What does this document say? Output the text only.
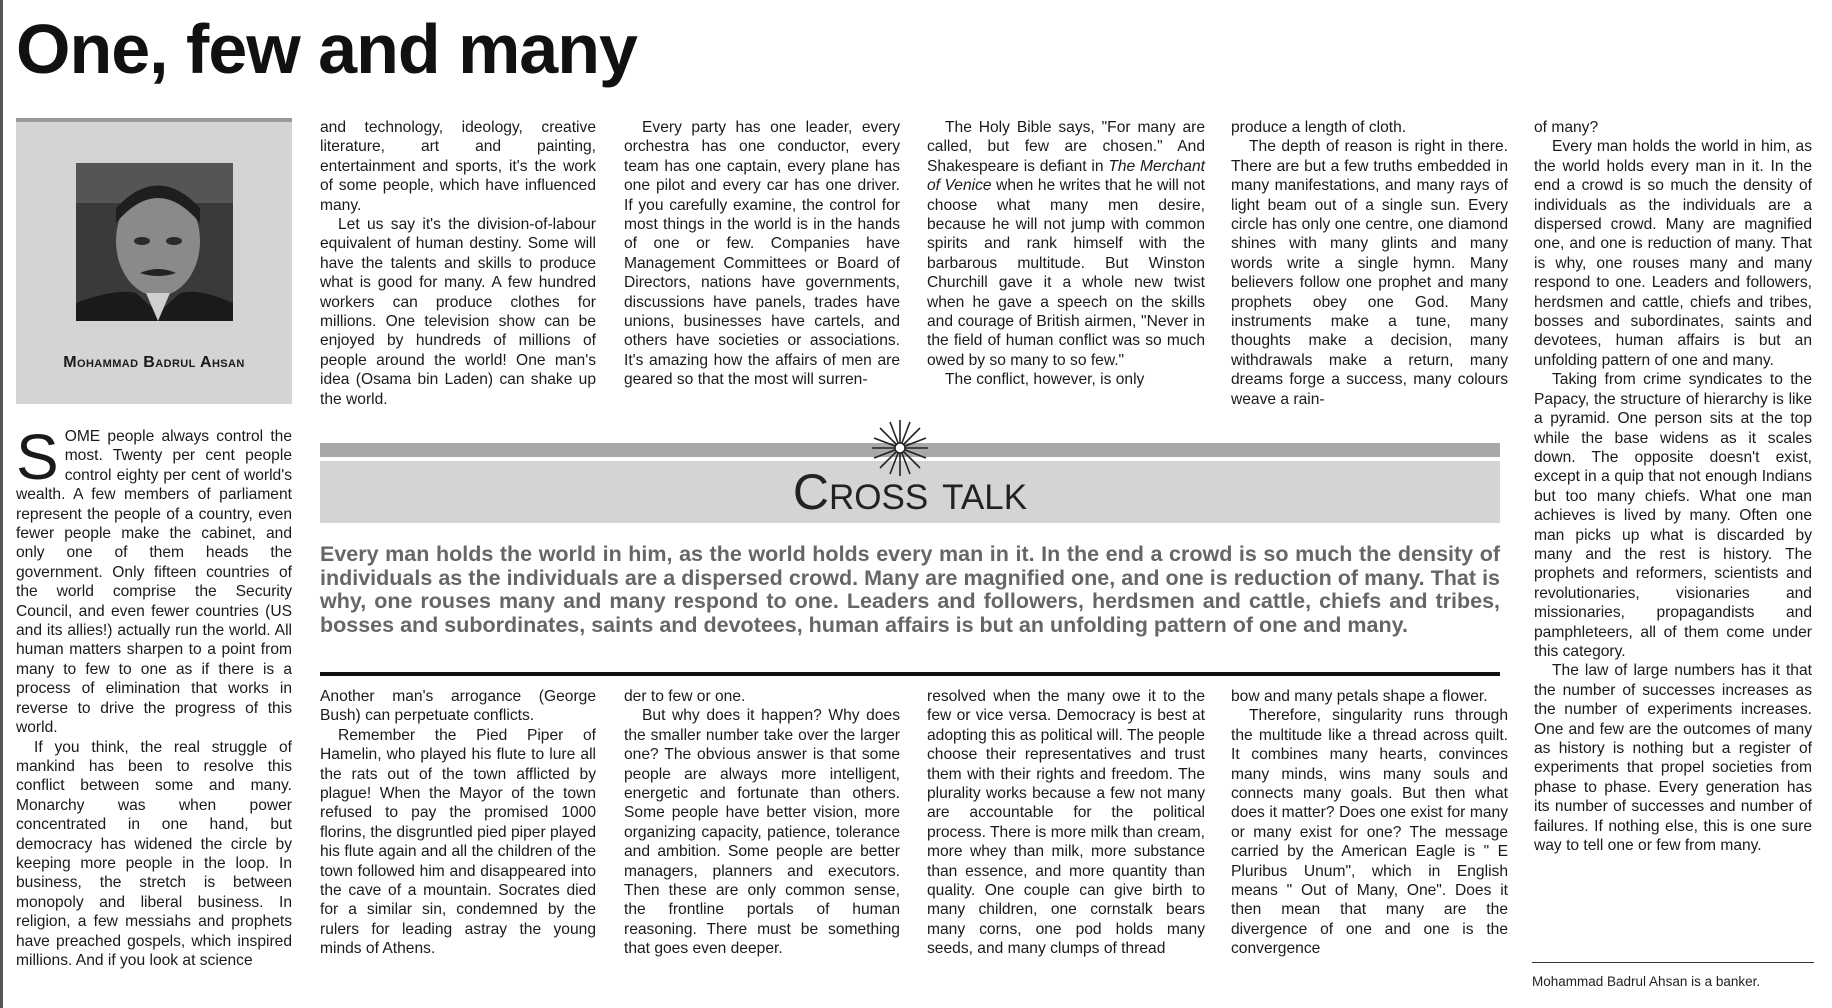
One, few and many
Mohammad Badrul Ahsan

SOME people always control the most. Twenty per cent people control eighty per cent of world's wealth. A few members of parliament represent the people of a country, even fewer people make the cabinet, and only one of them heads the government. Only fifteen countries of the world comprise the Security Council, and even fewer countries (US and its allies!) actually run the world. All human matters sharpen to a point from many to few to one as if there is a process of elimination that works in reverse to drive the progress of this world.

If you think, the real struggle of mankind has been to resolve this conflict between some and many. Monarchy was when power concentrated in one hand, but democracy has widened the circle by keeping more people in the loop. In business, the stretch is between monopoly and liberal business. In religion, a few messiahs and prophets have preached gospels, which inspired millions. And if you look at science

and technology, ideology, creative literature, art and painting, entertainment and sports, it's the work of some people, which have influenced many.

Let us say it's the division-of-labour equivalent of human destiny. Some will have the talents and skills to produce what is good for many. A few hundred workers can produce clothes for millions. One television show can be enjoyed by hundreds of millions of people around the world! One man's idea (Osama bin Laden) can shake up the world.

Every party has one leader, every orchestra has one conductor, every team has one captain, every plane has one pilot and every car has one driver. If you carefully examine, the control for most things in the world is in the hands of one or few. Companies have Management Committees or Board of Directors, nations have governments, discussions have panels, trades have unions, businesses have cartels, and others have societies or associations. It's amazing how the affairs of men are geared so that the most will surren-

The Holy Bible says, "For many are called, but few are chosen." And Shakespeare is defiant in The Merchant of Venice when he writes that he will not choose what many men desire, because he will not jump with common spirits and rank himself with the barbarous multitude. But Winston Churchill gave it a whole new twist when he gave a speech on the skills and courage of British airmen, "Never in the field of human conflict was so much owed by so many to so few."

The conflict, however, is only

produce a length of cloth.

The depth of reason is right in there. There are but a few truths embedded in many manifestations, and many rays of light beam out of a single sun. Every circle has only one centre, one diamond shines with many glints and many words write a single hymn. Many believers follow one prophet and many prophets obey one God. Many instruments make a tune, many thoughts make a decision, many withdrawals make a return, many dreams forge a success, many colours weave a rain-

of many?

Every man holds the world in him, as the world holds every man in it. In the end a crowd is so much the density of individuals as the individuals are a dispersed crowd. Many are magnified one, and one is reduction of many. That is why, one rouses many and many respond to one. Leaders and followers, herdsmen and cattle, chiefs and tribes, bosses and subordinates, saints and devotees, human affairs is but an unfolding pattern of one and many.

Taking from crime syndicates to the Papacy, the structure of hierarchy is like a pyramid. One person sits at the top while the base widens as it scales down. The opposite doesn't exist, except in a quip that not enough Indians but too many chiefs. What one man achieves is lived by many. Often one man picks up what is discarded by many and the rest is history. The prophets and reformers, scientists and revolutionaries, visionaries and missionaries, propagandists and pamphleteers, all of them come under this category.

The law of large numbers has it that the number of successes increases as the number of experiments increases. One and few are the outcomes of many as history is nothing but a register of experiments that propel societies from phase to phase. Every generation has its number of successes and number of failures. If nothing else, this is one sure way to tell one or few from many.

Cross talk
Every man holds the world in him, as the world holds every man in it. In the end a crowd is so much the density of individuals as the individuals are a dispersed crowd. Many are magnified one, and one is reduction of many. That is why, one rouses many and many respond to one. Leaders and followers, herdsmen and cattle, chiefs and tribes, bosses and subordinates, saints and devotees, human affairs is but an unfolding pattern of one and many.

Another man's arrogance (George Bush) can perpetuate conflicts.

Remember the Pied Piper of Hamelin, who played his flute to lure all the rats out of the town afflicted by plague! When the Mayor of the town refused to pay the promised 1000 florins, the disgruntled pied piper played his flute again and all the children of the town followed him and disappeared into the cave of a mountain. Socrates died for a similar sin, condemned by the rulers for leading astray the young minds of Athens.

der to few or one.

But why does it happen? Why does the smaller number take over the larger one? The obvious answer is that some people are always more intelligent, energetic and fortunate than others. Some people have better vision, more organizing capacity, patience, tolerance and ambition. Some people are better managers, planners and executors. Then these are only common sense, the frontline portals of human reasoning. There must be something that goes even deeper.

resolved when the many owe it to the few or vice versa. Democracy is best at adopting this as political will. The people choose their representatives and trust them with their rights and freedom. The plurality works because a few not many are accountable for the political process. There is more milk than cream, more whey than milk, more substance than essence, and more quantity than quality. One couple can give birth to many children, one cornstalk bears many corns, one pod holds many seeds, and many clumps of thread

bow and many petals shape a flower.

Therefore, singularity runs through the multitude like a thread across quilt. It combines many hearts, convinces many minds, wins many souls and connects many goals. But then what does it matter? Does one exist for many or many exist for one? The message carried by the American Eagle is " E Pluribus Unum", which in English means " Out of Many, One". Does it then mean that many are the divergence of one and one is the convergence

Mohammad Badrul Ahsan is a banker.
